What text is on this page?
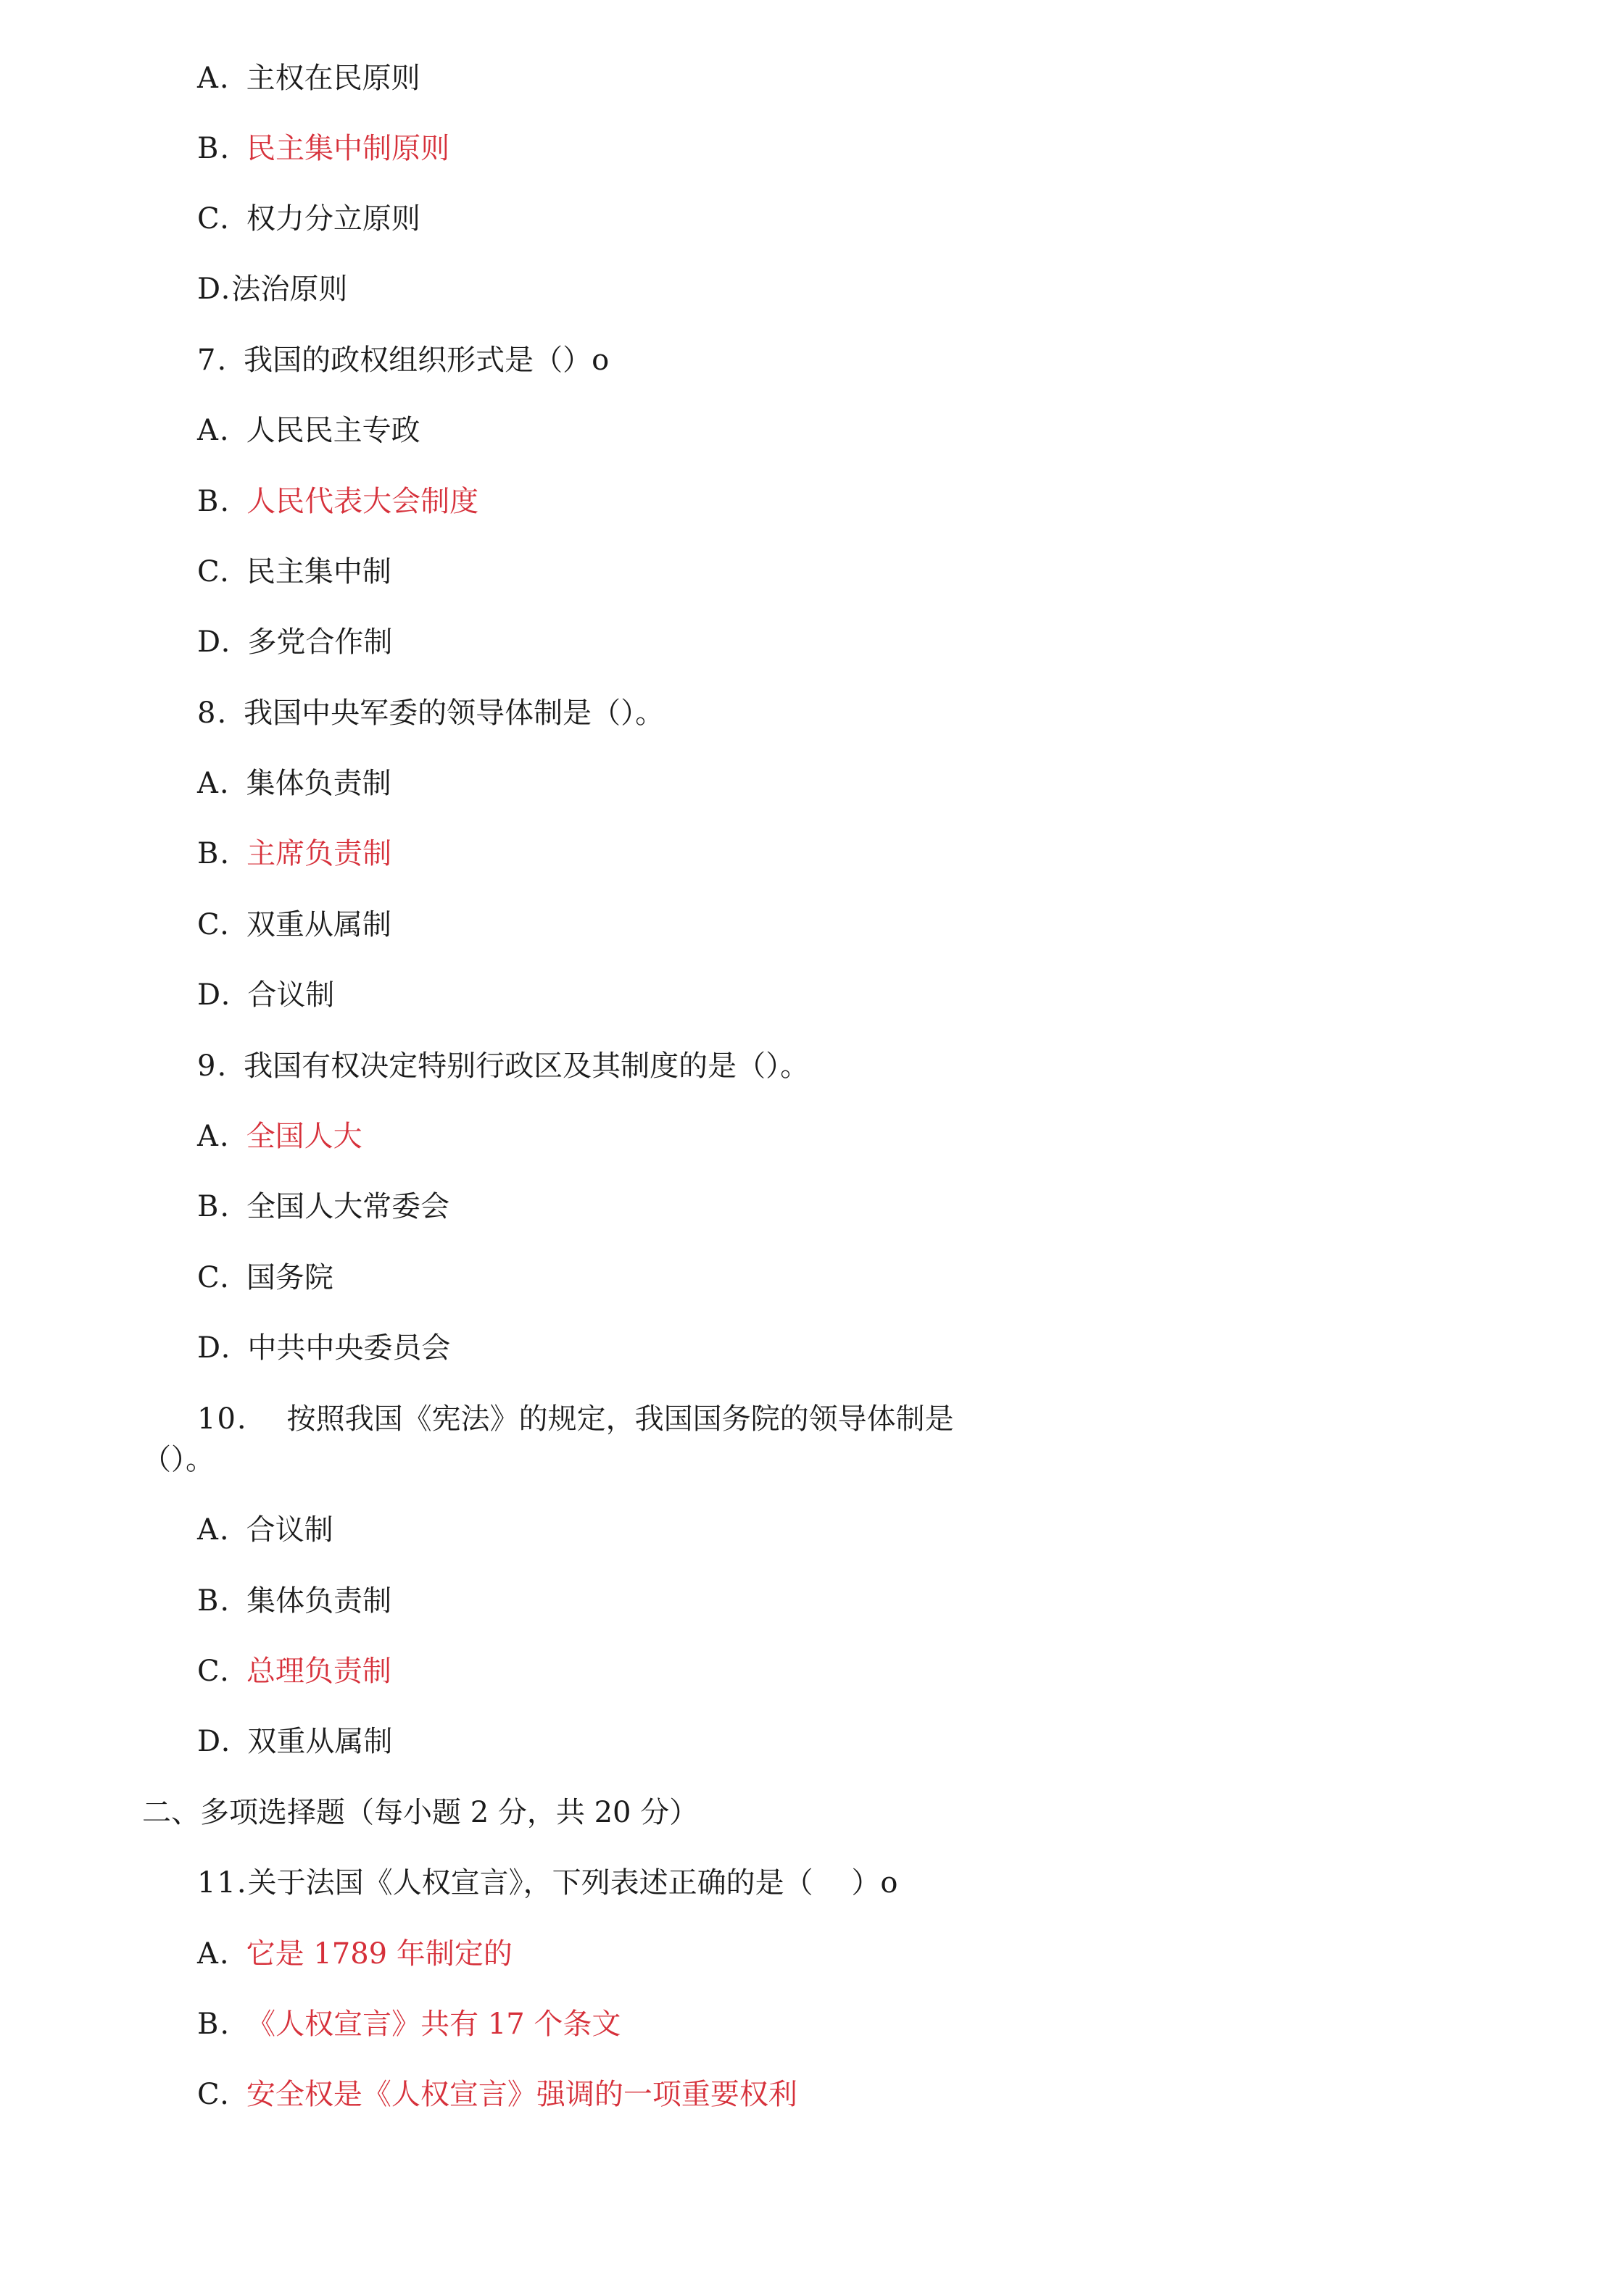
A. 主权在民原则
B. 民主集中制原则
C. 权力分立原则
D.法治原则
7. 我国的政权组织形式是（）o
A. 人民民主专政
B. 人民代表大会制度
C. 民主集中制
D. 多党合作制
8. 我国中央军委的领导体制是（）。
A. 集体负责制
B. 主席负责制
C. 双重从属制
D. 合议制
9. 我国有权决定特别行政区及其制度的是（）。
A. 全国人大
B. 全国人大常委会
C. 国务院
D. 中共中央委员会
10. 按照我国《宪法》的规定，我国国务院的领导体制是
（）。
A. 合议制
B. 集体负责制
C. 总理负责制
D. 双重从属制
二、多项选择题（每小题 2 分，共 20 分）
11.关于法国《人权宣言》，下列表述正确的是（　 ）o
A. 它是 1789 年制定的
B. 《人权宣言》共有 17 个条文
C. 安全权是《人权宣言》强调的一项重要权利
